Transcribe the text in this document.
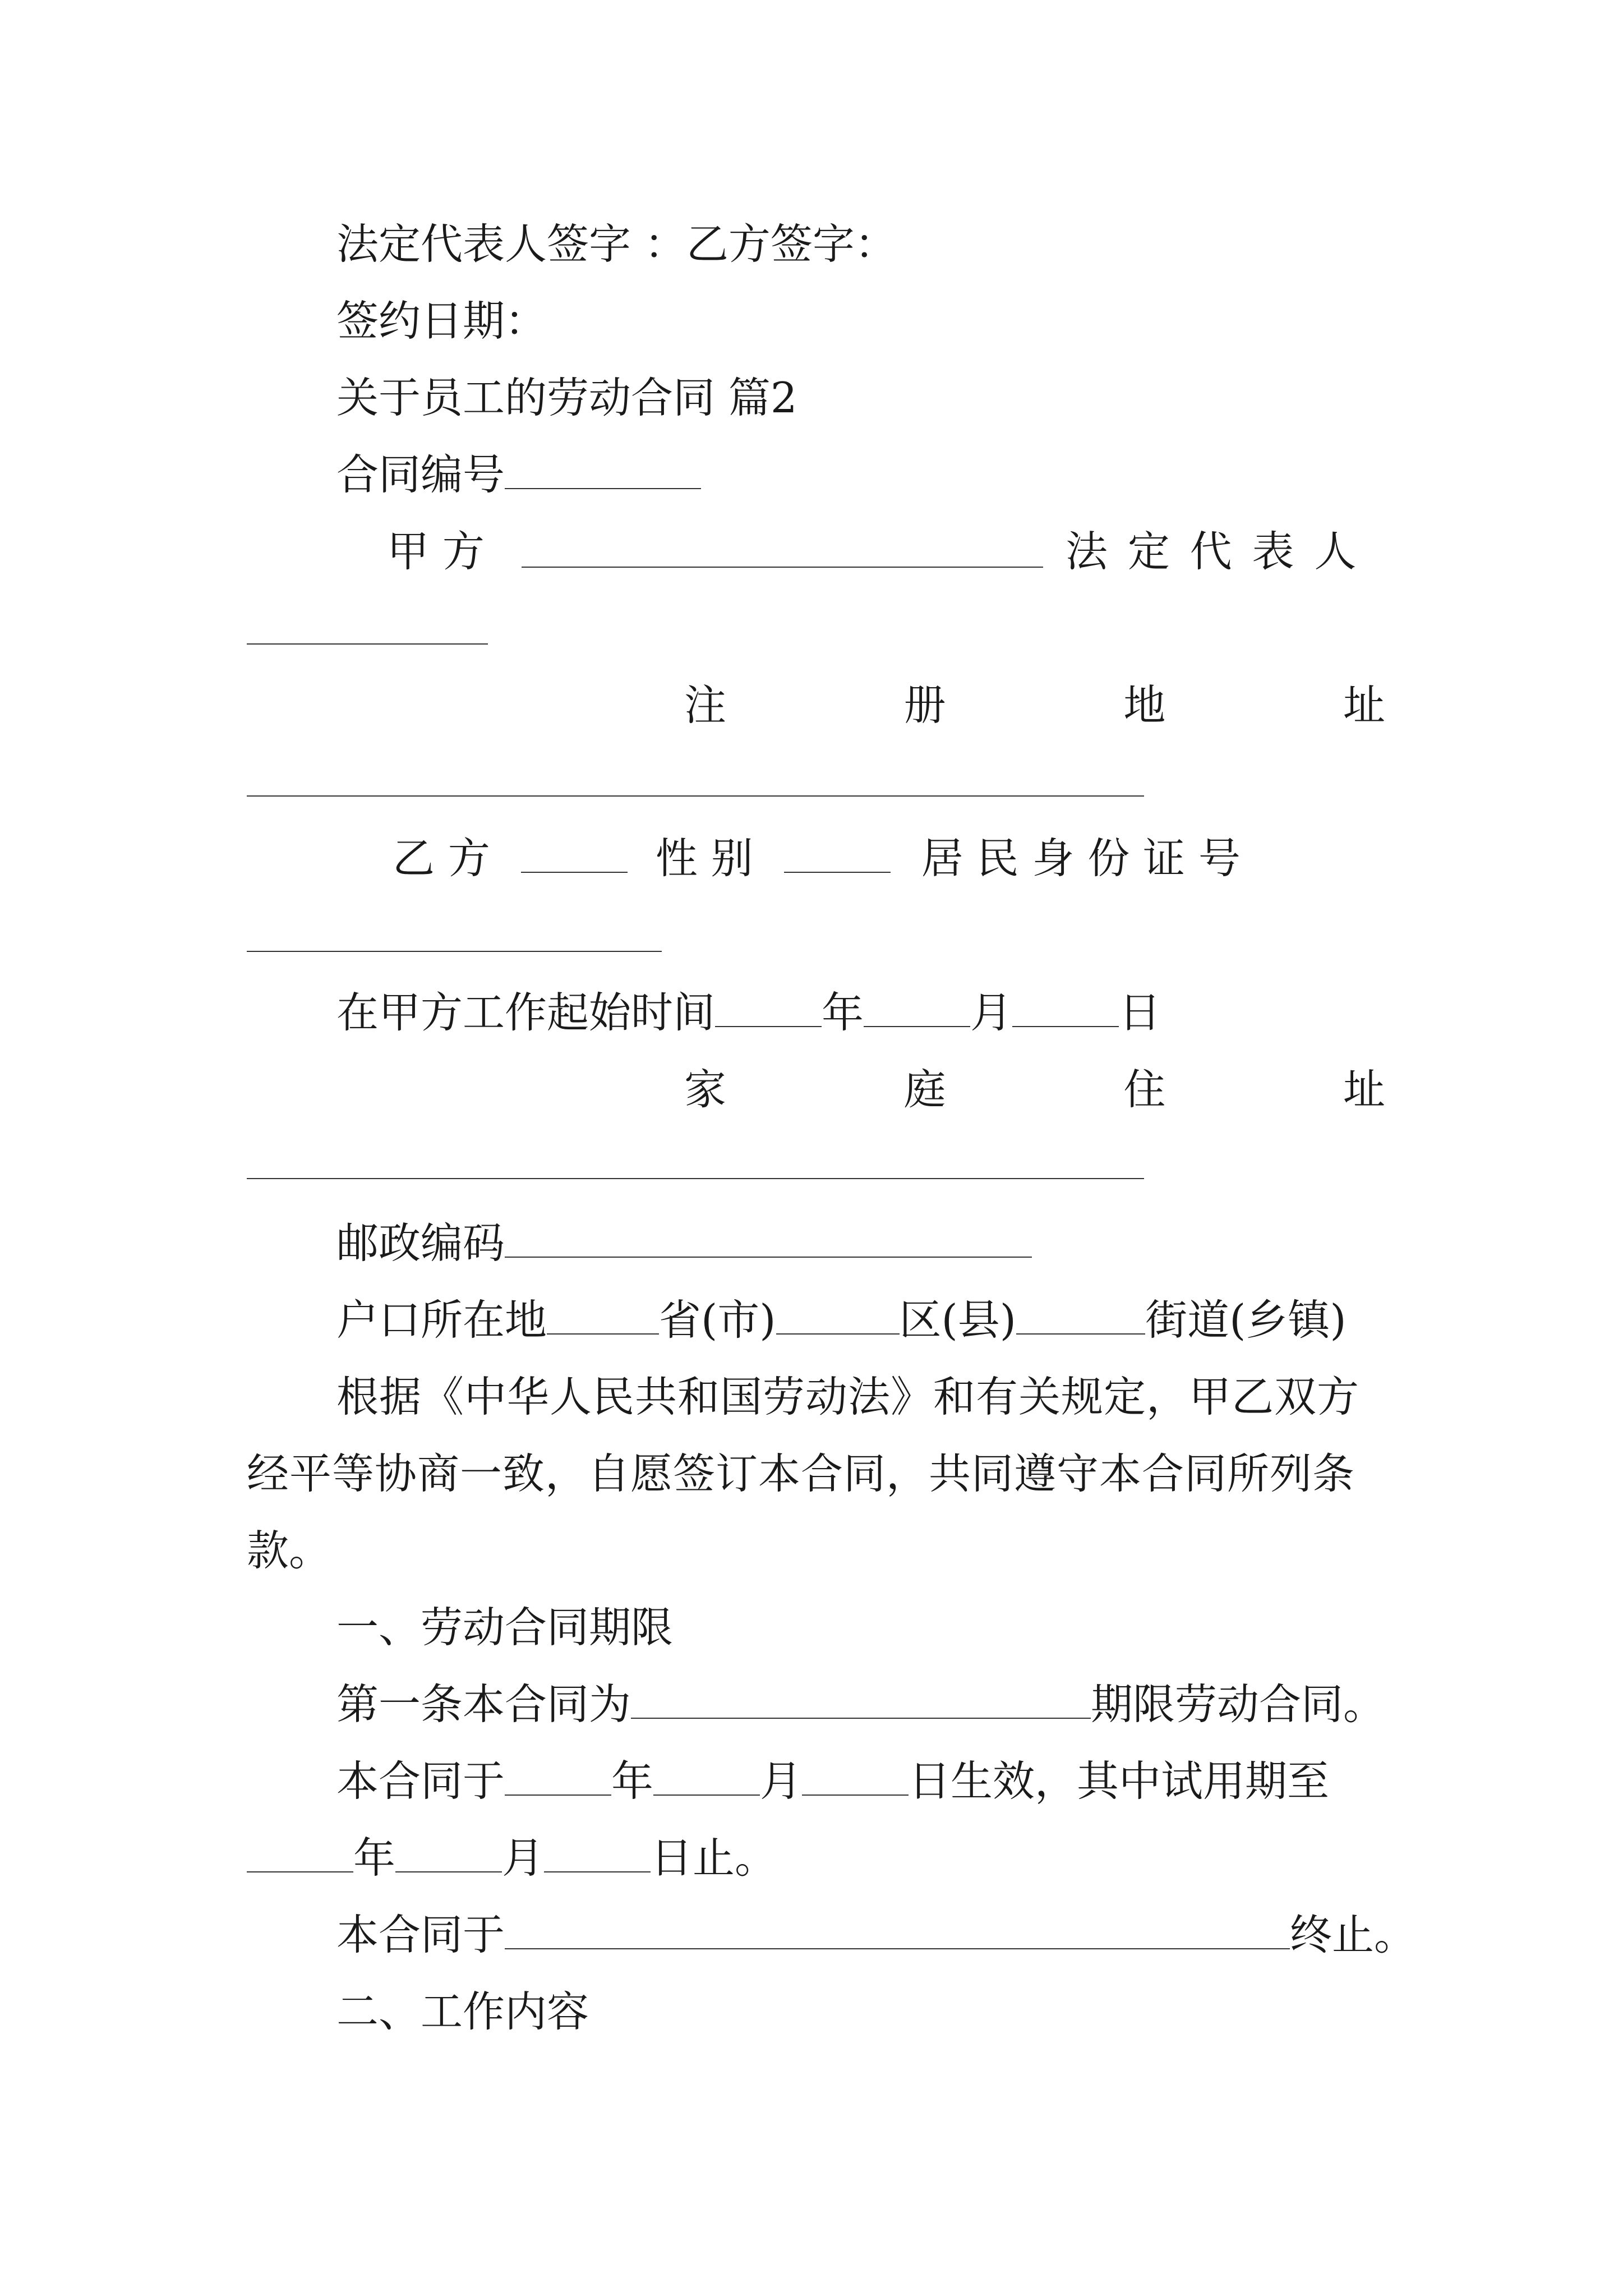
法定代表人签字 ：乙方签字：
签约日期：
关于员工的劳动合同 篇2
合同编号
甲 方	法 定 代 表 人
注	册	地	址
乙 方	性 别	居 民 身 份 证 号
在甲方工作起始时间	年	月	日
家	庭	住	址
邮政编码
户口所在地	省(市)	区(县)	街道(乡镇)
根据《中华人民共和国劳动法》和有关规定，甲乙双方
经平等协商一致，自愿签订本合同，共同遵守本合同所列条
款。
一、劳动合同期限
第一条本合同为	期限劳动合同。
本合同于	年	月	日生效，其中试用期至
年	月	日止。
本合同于	终止。
二、工作内容
